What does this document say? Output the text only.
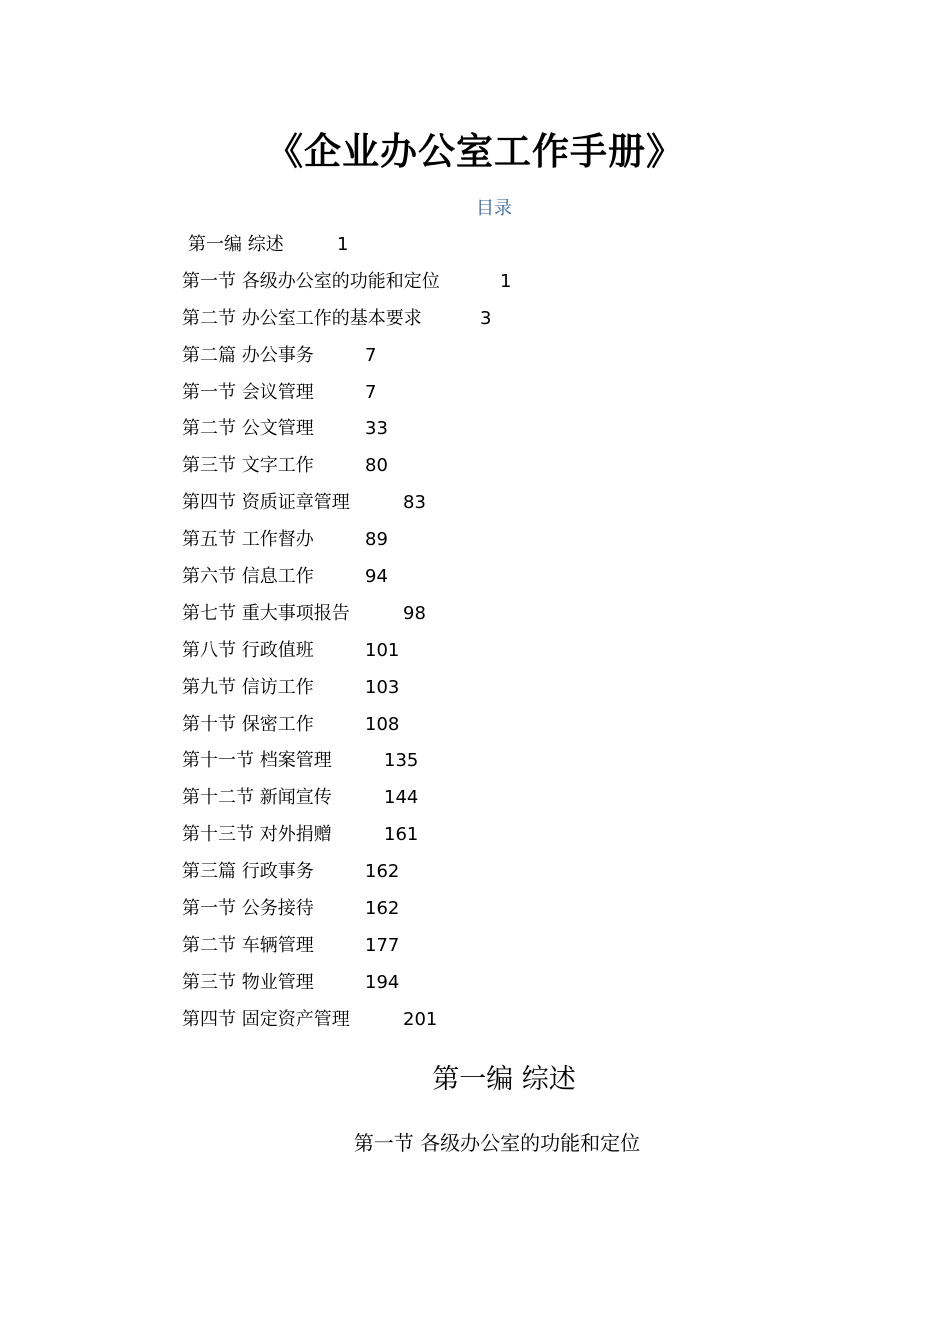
《企业办公室工作手册》
目录
第一编 综述	1
第一节 各级办公室的功能和定位	1
第二节 办公室工作的基本要求	3
第二篇 办公事务	7
第一节 会议管理	7
第二节 公文管理	33
第三节 文字工作	80
第四节 资质证章管理	83
第五节 工作督办	89
第六节 信息工作	94
第七节 重大事项报告	98
第八节 行政值班	101
第九节 信访工作	103
第十节 保密工作	108
第十一节 档案管理	135
第十二节 新闻宣传	144
第十三节 对外捐赠	161
第三篇 行政事务	162
第一节 公务接待	162
第二节 车辆管理	177
第三节 物业管理	194
第四节 固定资产管理	201
第一编 综述
第一节 各级办公室的功能和定位
